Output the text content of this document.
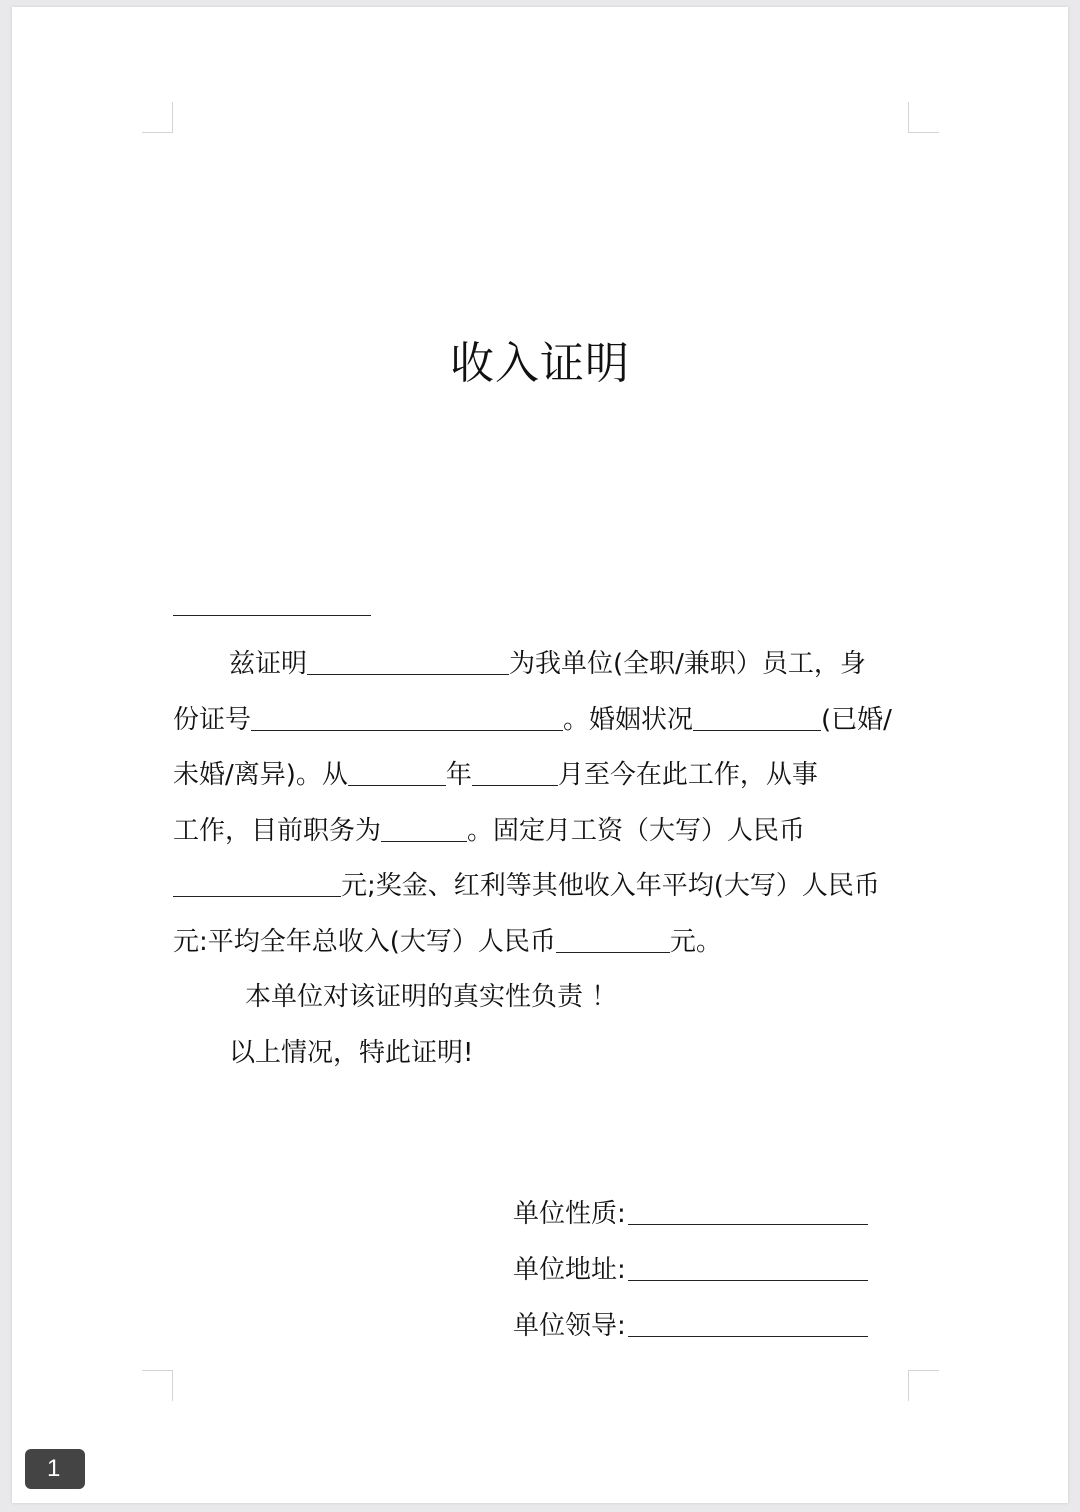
收入证明
兹证明	为我单位(全职/兼职）员工，身
份证号	。婚姻状况	(已婚/
未婚/离异)。从	年	月至今在此工作，从事
工作，目前职务为	。固定月工资（大写）人民币
元;奖金、红利等其他收入年平均(大写）人民币
元:平均全年总收入(大写）人民币	元。
本单位对该证明的真实性负责 ！
以上情况，特此证明!
单位性质:
单位地址:
单位领导:
1
